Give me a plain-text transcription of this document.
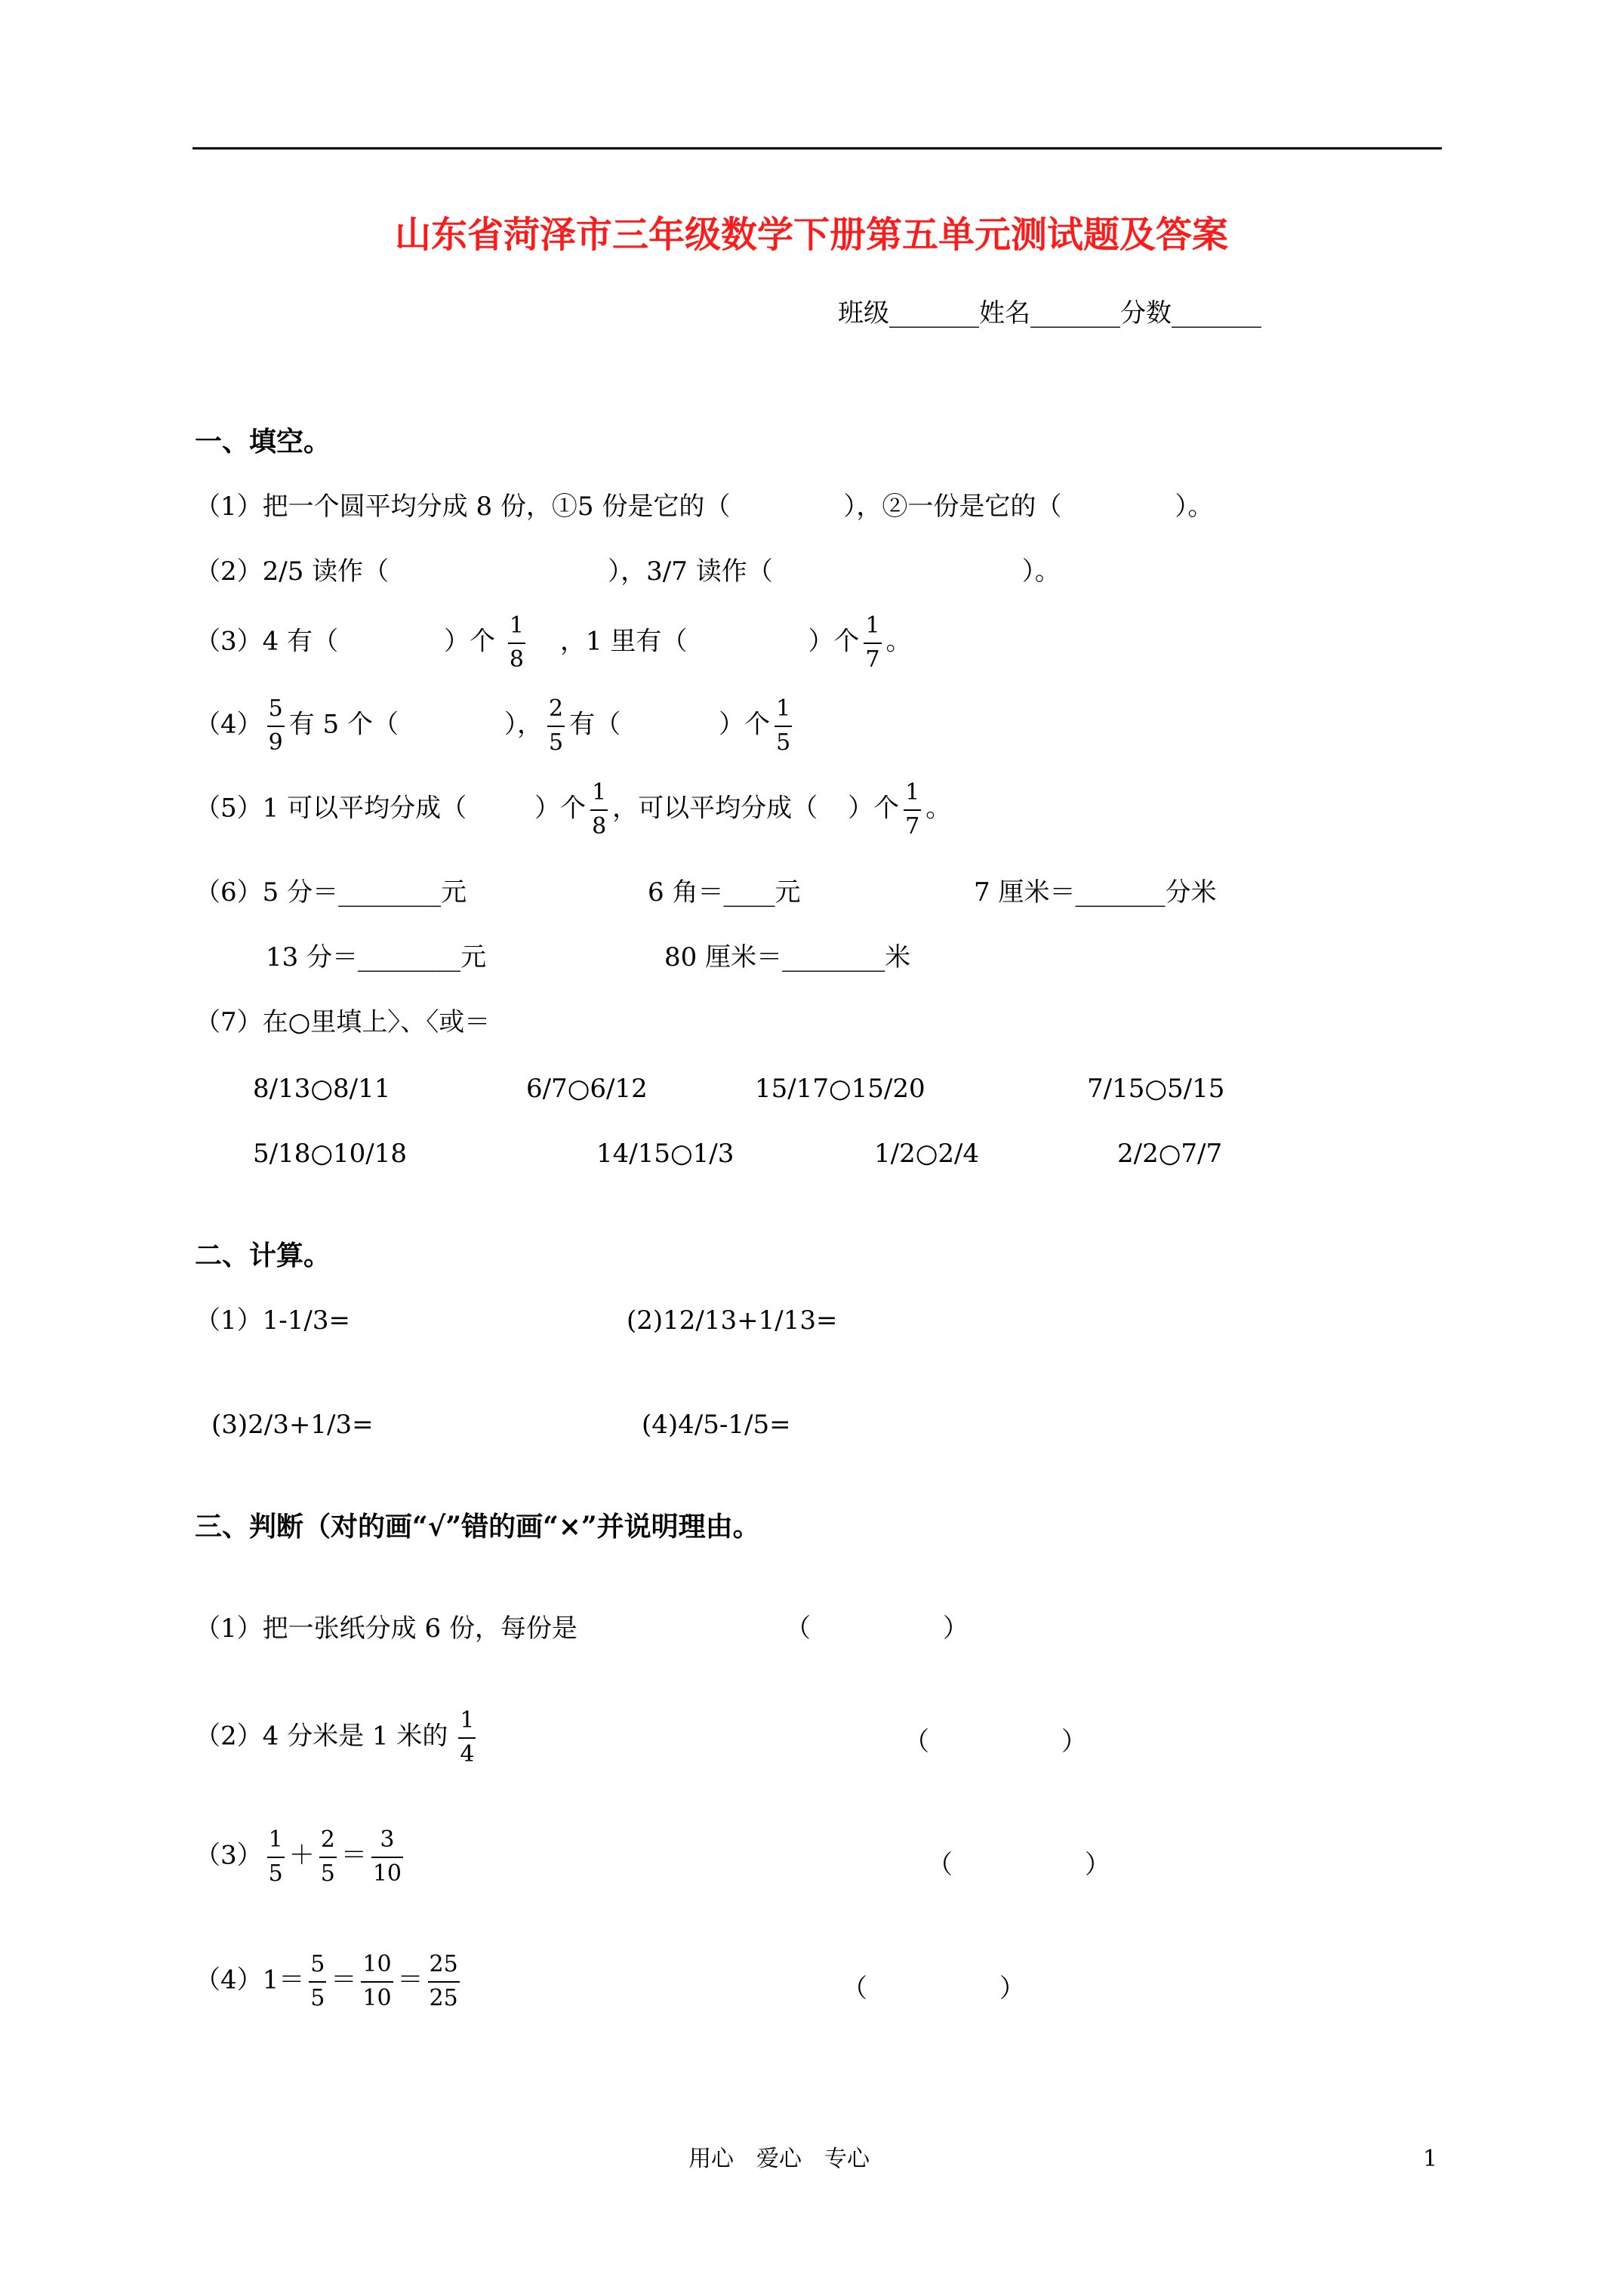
山东省菏泽市三年级数学下册第五单元测试题及答案
班级_______姓名_______分数_______
一、填空。
（1）把一个圆平均分成 8 份，①5 份是它的（	），②一份是它的（	）。
（2）2/5 读作（	），3/7 读作（	）。
（3）4 有（	）个 $\frac{1}{8}$ ，1 里有（	）个 $\frac{1}{7}$ 。
$(4) \frac{5}{9}$ 有 5 个（	）， $\frac{2}{5}$ 有（	）个 $\frac{1}{5}$
（5）1 可以平均分成（	）个 $\frac{1}{8}$ ，可以平均分成（ ）个 $\frac{1}{7}$ 。
（6）5 分＝________元	6 角＝____元	7 厘米＝_______分米
13 分＝________元	80 厘米＝________米
（7）在○里填上〉、〈或＝
8/13○8/11	6/7○6/12	15/17○15/20	7/15○5/15
5/18○10/18	14/15○1/3	1/2○2/4	2/2○7/7
二、计算。
（1）1-1/3=	(2)12/13+1/13=
(3)2/3+1/3=	(4)4/5-1/5=
三、判断（对的画“√”错的画“×”并说明理由。
（1）把一张纸分成 6 份，每份是	（	）
（2）4 分米是 1 米的 $\frac{1}{4}$	（	）
$(3) \frac{1}{5} + \frac{2}{5} = \frac{3}{10}$	（	）
$(4)1= \frac{5}{5} = \frac{10}{10} = \frac{25}{25}$	（	）
用心　爱心　专心	1
